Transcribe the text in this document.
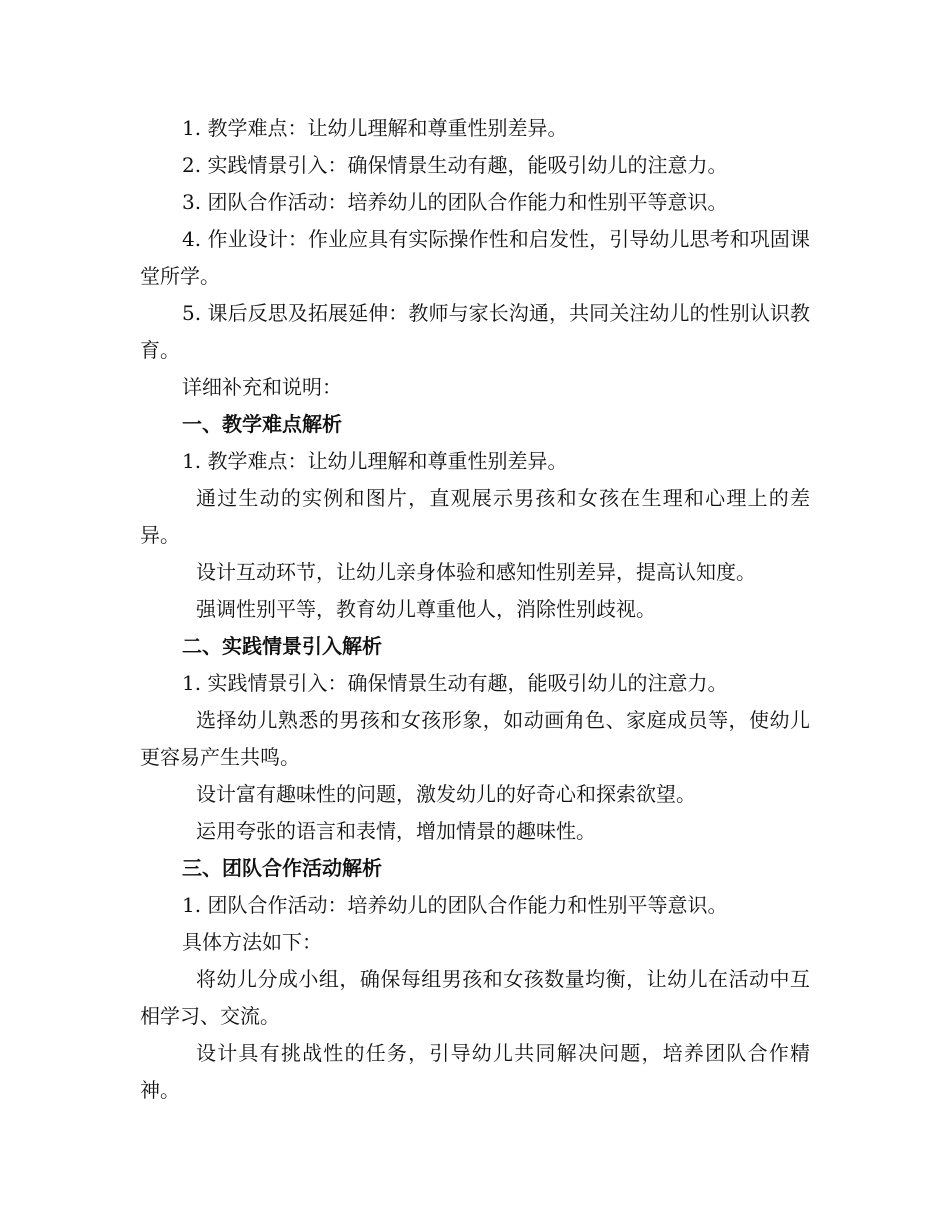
1. 教学难点：让幼儿理解和尊重性别差异。

2. 实践情景引入：确保情景生动有趣，能吸引幼儿的注意力。

3. 团队合作活动：培养幼儿的团队合作能力和性别平等意识。

4. 作业设计：作业应具有实际操作性和启发性，引导幼儿思考和巩固课堂所学。

5. 课后反思及拓展延伸：教师与家长沟通，共同关注幼儿的性别认识教育。

详细补充和说明：

一、教学难点解析

1. 教学难点：让幼儿理解和尊重性别差异。

通过生动的实例和图片，直观展示男孩和女孩在生理和心理上的差异。

设计互动环节，让幼儿亲身体验和感知性别差异，提高认知度。

强调性别平等，教育幼儿尊重他人，消除性别歧视。

二、实践情景引入解析

1. 实践情景引入：确保情景生动有趣，能吸引幼儿的注意力。

选择幼儿熟悉的男孩和女孩形象，如动画角色、家庭成员等，使幼儿更容易产生共鸣。

设计富有趣味性的问题，激发幼儿的好奇心和探索欲望。

运用夸张的语言和表情，增加情景的趣味性。

三、团队合作活动解析

1. 团队合作活动：培养幼儿的团队合作能力和性别平等意识。

具体方法如下：

将幼儿分成小组，确保每组男孩和女孩数量均衡，让幼儿在活动中互相学习、交流。

设计具有挑战性的任务，引导幼儿共同解决问题，培养团队合作精神。
